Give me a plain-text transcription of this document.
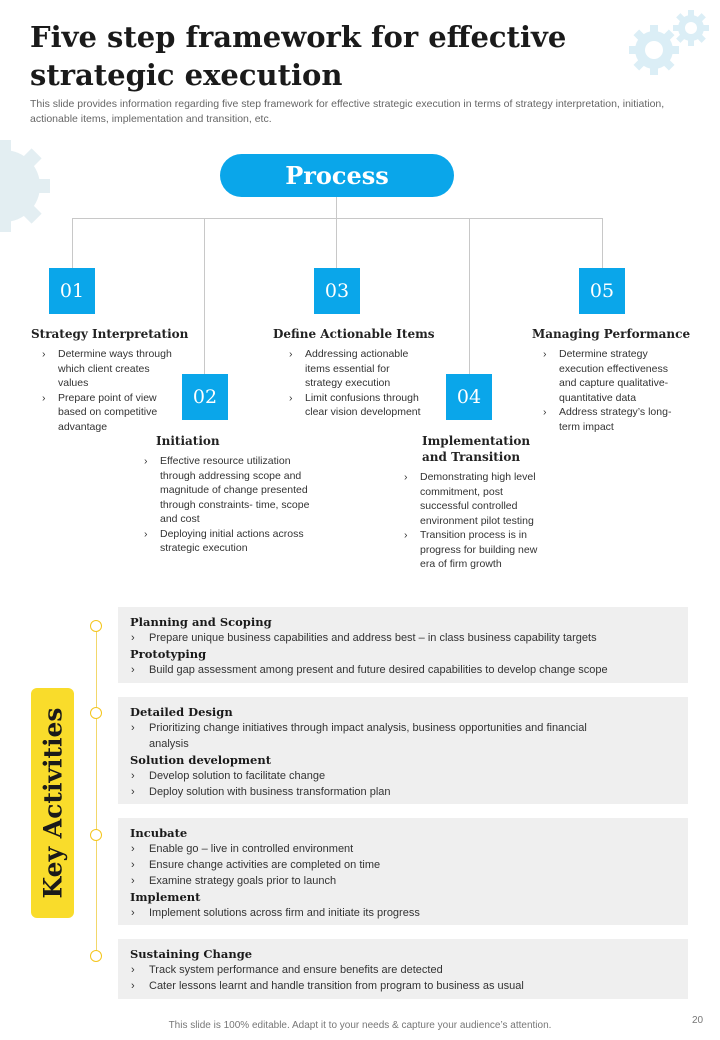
Five step framework for effective strategic execution
This slide provides information regarding five step framework for effective strategic execution in terms of strategy interpretation, initiation, actionable items, implementation and transition, etc.
Process
01
Strategy Interpretation
› Determine ways through which client creates values
› Prepare point of view based on competitive advantage
02
Initiation
› Effective resource utilization through addressing scope and magnitude of change presented through constraints- time, scope and cost
› Deploying initial actions across strategic execution
03
Define Actionable Items
› Addressing actionable items essential for strategy execution
› Limit confusions through clear vision development
04
Implementation and Transition
› Demonstrating high level commitment, post successful controlled environment pilot testing
› Transition process is in progress for building new era of firm growth
05
Managing Performance
› Determine strategy execution effectiveness and capture qualitative- quantitative data
› Address strategy’s long-term impact
Key Activities
Planning and Scoping
› Prepare unique business capabilities and address best – in class business capability targets
Prototyping
› Build gap assessment among present and future desired capabilities to develop change scope
Detailed Design
› Prioritizing change initiatives through impact analysis, business opportunities and financial analysis
Solution development
› Develop solution to facilitate change
› Deploy solution with business transformation plan
Incubate
› Enable go – live in controlled environment
› Ensure change activities are completed on time
› Examine strategy goals prior to launch
Implement
› Implement solutions across firm and initiate its progress
Sustaining Change
› Track system performance and ensure benefits are detected
› Cater lessons learnt and handle transition from program to business as usual
This slide is 100% editable. Adapt it to your needs & capture your audience’s attention.	20
